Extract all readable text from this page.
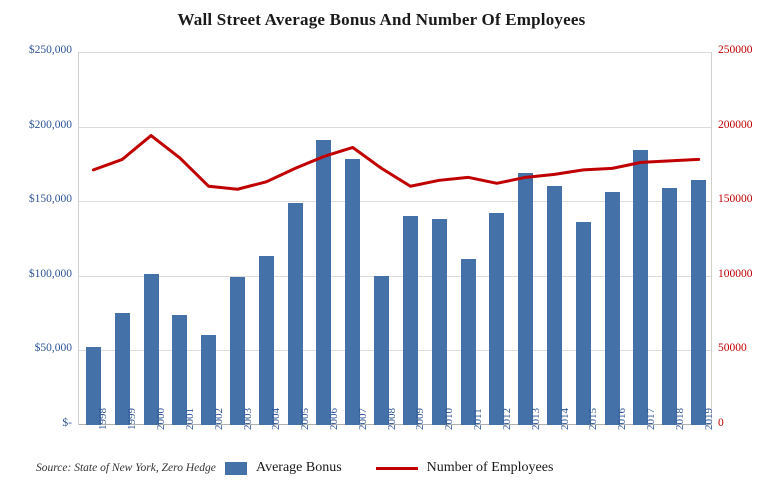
Wall Street Average Bonus And Number Of Employees
$-
$50,000
$100,000
$150,000
$200,000
$250,000
0
50000
100000
150000
200000
250000
1998 1999 2000 2001 2002 2003 2004 2005 2006 2007 2008 2009 2010 2011 2012 2013 2014 2015 2016 2017 2018 2019
Source: State of New York, Zero Hedge	Average Bonus	Number of Employees
